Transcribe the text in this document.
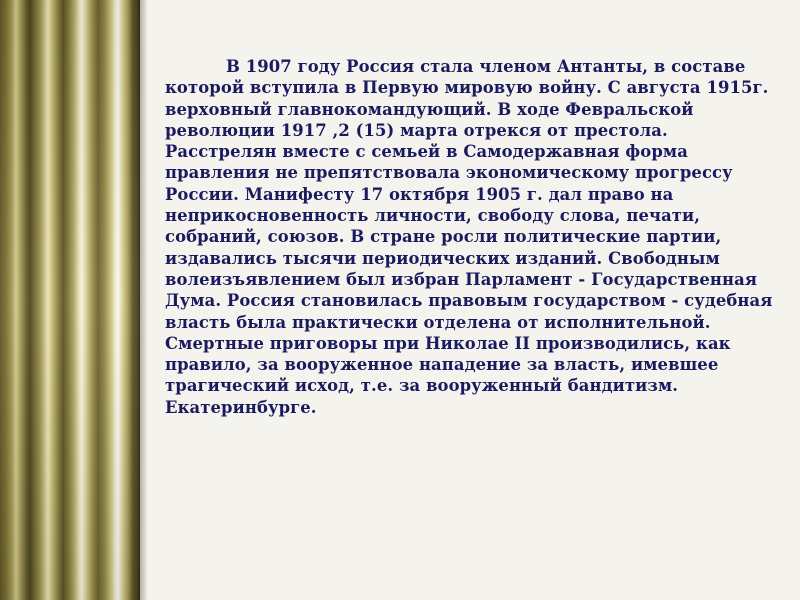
В 1907 году Россия стала членом Антанты, в составе которой вступила в Первую мировую войну. С августа 1915г. верховный главнокомандующий. В ходе Февральской революции 1917 ,2 (15) марта отрекся от престола. Расстрелян вместе с семьей в Самодержавная форма правления не препятствовала экономическому прогрессу России. Манифесту 17 октября 1905 г. дал право на неприкосновенность личности, свободу слова, печати, собраний, союзов. В стране росли политические партии, издавались тысячи периодических изданий. Свободным волеизъявлением был избран Парламент - Государственная Дума. Россия становилась правовым государством - судебная власть была практически отделена от исполнительной.

Смертные приговоры при Николае II производились, как правило, за вооруженное нападение за власть, имевшее трагический исход, т.е. за вооруженный бандитизм. Екатеринбурге.
